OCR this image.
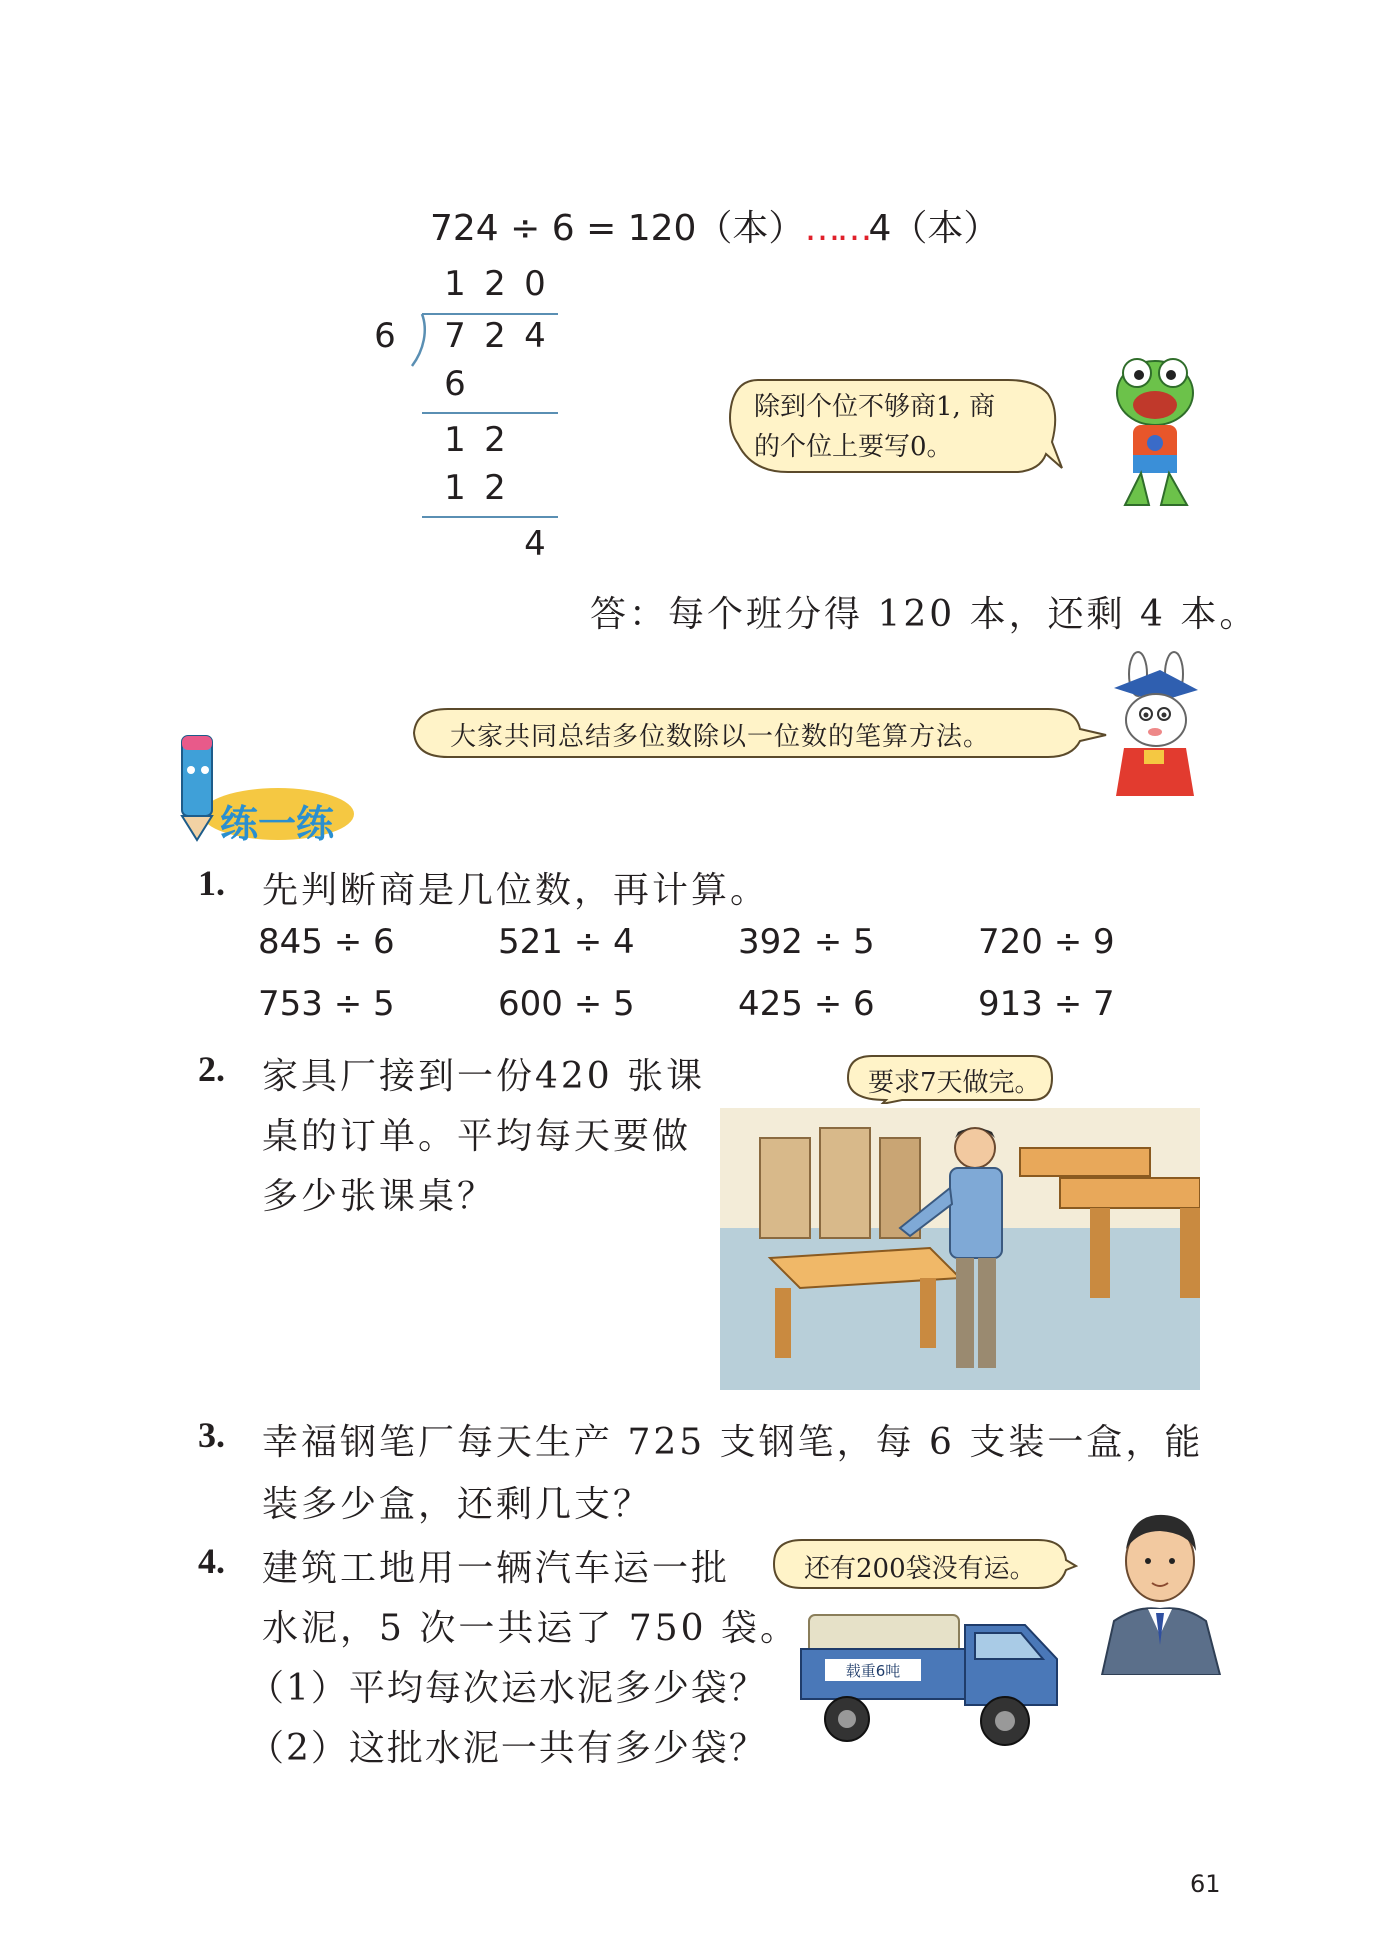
724 ÷ 6 = 120（本）……4（本）
1 2 0
6 7 2 4
6
1 2
1 2
4
除到个位不够商1, 商
的个位上要写0。
答：每个班分得 120 本，还剩 4 本。
大家共同总结多位数除以一位数的笔算方法。
练一练
1. 先判断商是几位数，再计算。
845 ÷ 6	521 ÷ 4	392 ÷ 5	720 ÷ 9
753 ÷ 5	600 ÷ 5	425 ÷ 6	913 ÷ 7
2. 家具厂接到一份420 张课
桌的订单。平均每天要做
多少张课桌？
要求7天做完。
3. 幸福钢笔厂每天生产 725 支钢笔，每 6 支装一盒，能
装多少盒，还剩几支？
4. 建筑工地用一辆汽车运一批
水泥，5 次一共运了 750 袋。
（1）平均每次运水泥多少袋？
（2）这批水泥一共有多少袋？
还有200袋没有运。
载重6吨
61
